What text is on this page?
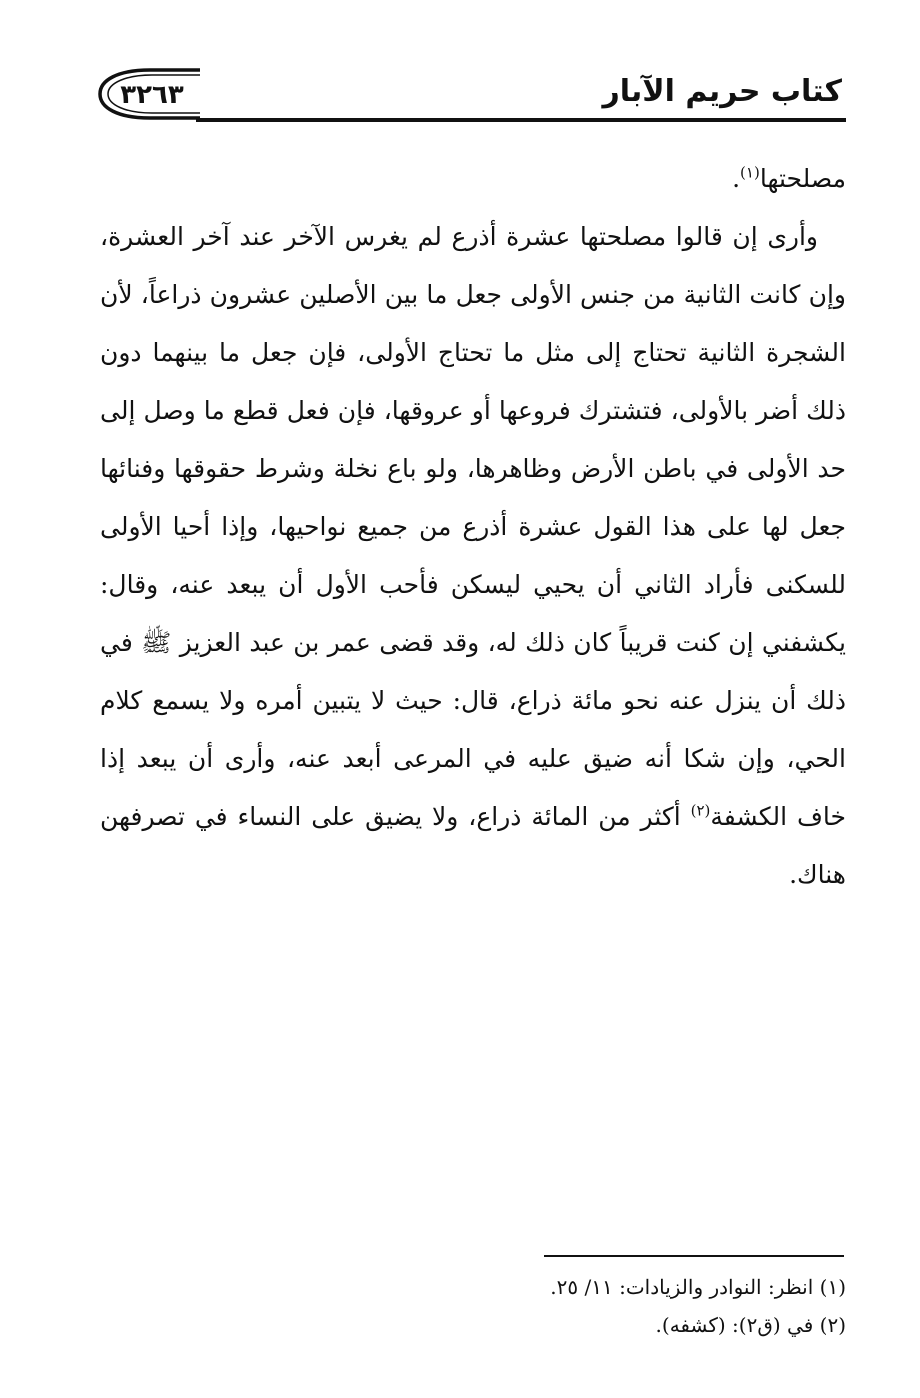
٣٢٦٣	كتاب حريم الآبار

مصلحتها$^{(١)}$.

وأرى إن قالوا مصلحتها عشرة أذرع لم يغرس الآخر عند آخر العشرة، وإن كانت الثانية من جنس الأولى جعل ما بين الأصلين عشرون ذراعاً، لأن الشجرة الثانية تحتاج إلى مثل ما تحتاج الأولى، فإن جعل ما بينهما دون ذلك أضر بالأولى، فتشترك فروعها أو عروقها، فإن فعل قطع ما وصل إلى حد الأولى في باطن الأرض وظاهرها، ولو باع نخلة وشرط حقوقها وفنائها جعل لها على هذا القول عشرة أذرع من جميع نواحيها، وإذا أحيا الأولى للسكنى فأراد الثاني أن يحيي ليسكن فأحب الأول أن يبعد عنه، وقال: يكشفني إن كنت قريباً كان ذلك له، وقد قضى عمر بن عبد العزيز ﷺ في ذلك أن ينزل عنه نحو مائة ذراع، قال: حيث لا يتبين أمره ولا يسمع كلام الحي، وإن شكا أنه ضيق عليه في المرعى أبعد عنه، وأرى أن يبعد إذا خاف الكشفة$^{(٢)}$ أكثر من المائة ذراع، ولا يضيق على النساء في تصرفهن هناك.

(١) انظر: النوادر والزيادات: ١١/ ٢٥.

(٢) في (ق٢): (كشفه).
